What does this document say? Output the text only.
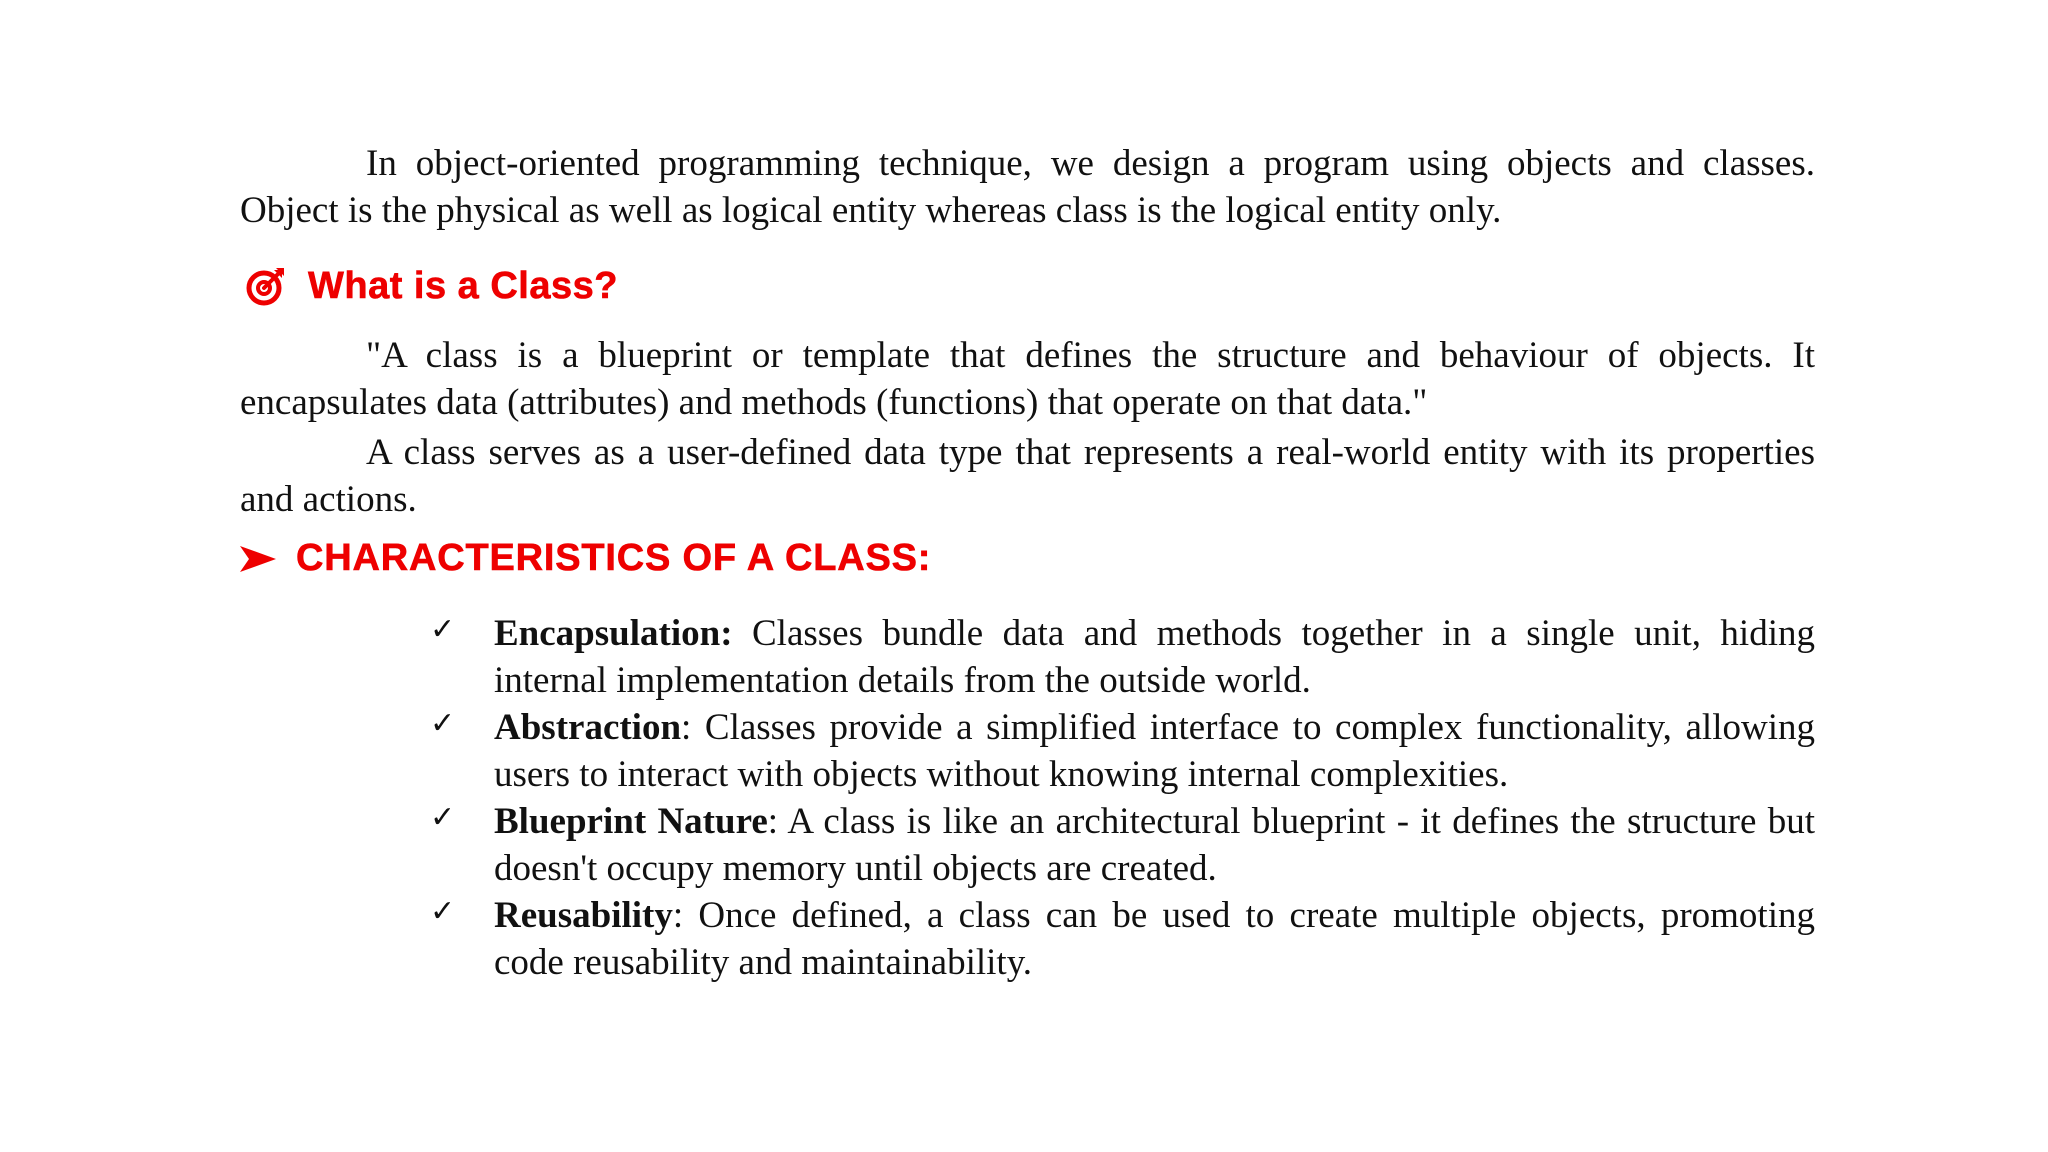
In object-oriented programming technique, we design a program using objects and classes. Object is the physical as well as logical entity whereas class is the logical entity only.

What is a Class?

"A class is a blueprint or template that defines the structure and behaviour of objects. It encapsulates data (attributes) and methods (functions) that operate on that data."

A class serves as a user-defined data type that represents a real-world entity with its properties and actions.

CHARACTERISTICS OF A CLASS:
✓	Encapsulation: Classes bundle data and methods together in a single unit, hiding internal implementation details from the outside world.
✓	Abstraction: Classes provide a simplified interface to complex functionality, allowing users to interact with objects without knowing internal complexities.
✓	Blueprint Nature: A class is like an architectural blueprint - it defines the structure but doesn't occupy memory until objects are created.
✓	Reusability: Once defined, a class can be used to create multiple objects, promoting code reusability and maintainability.
